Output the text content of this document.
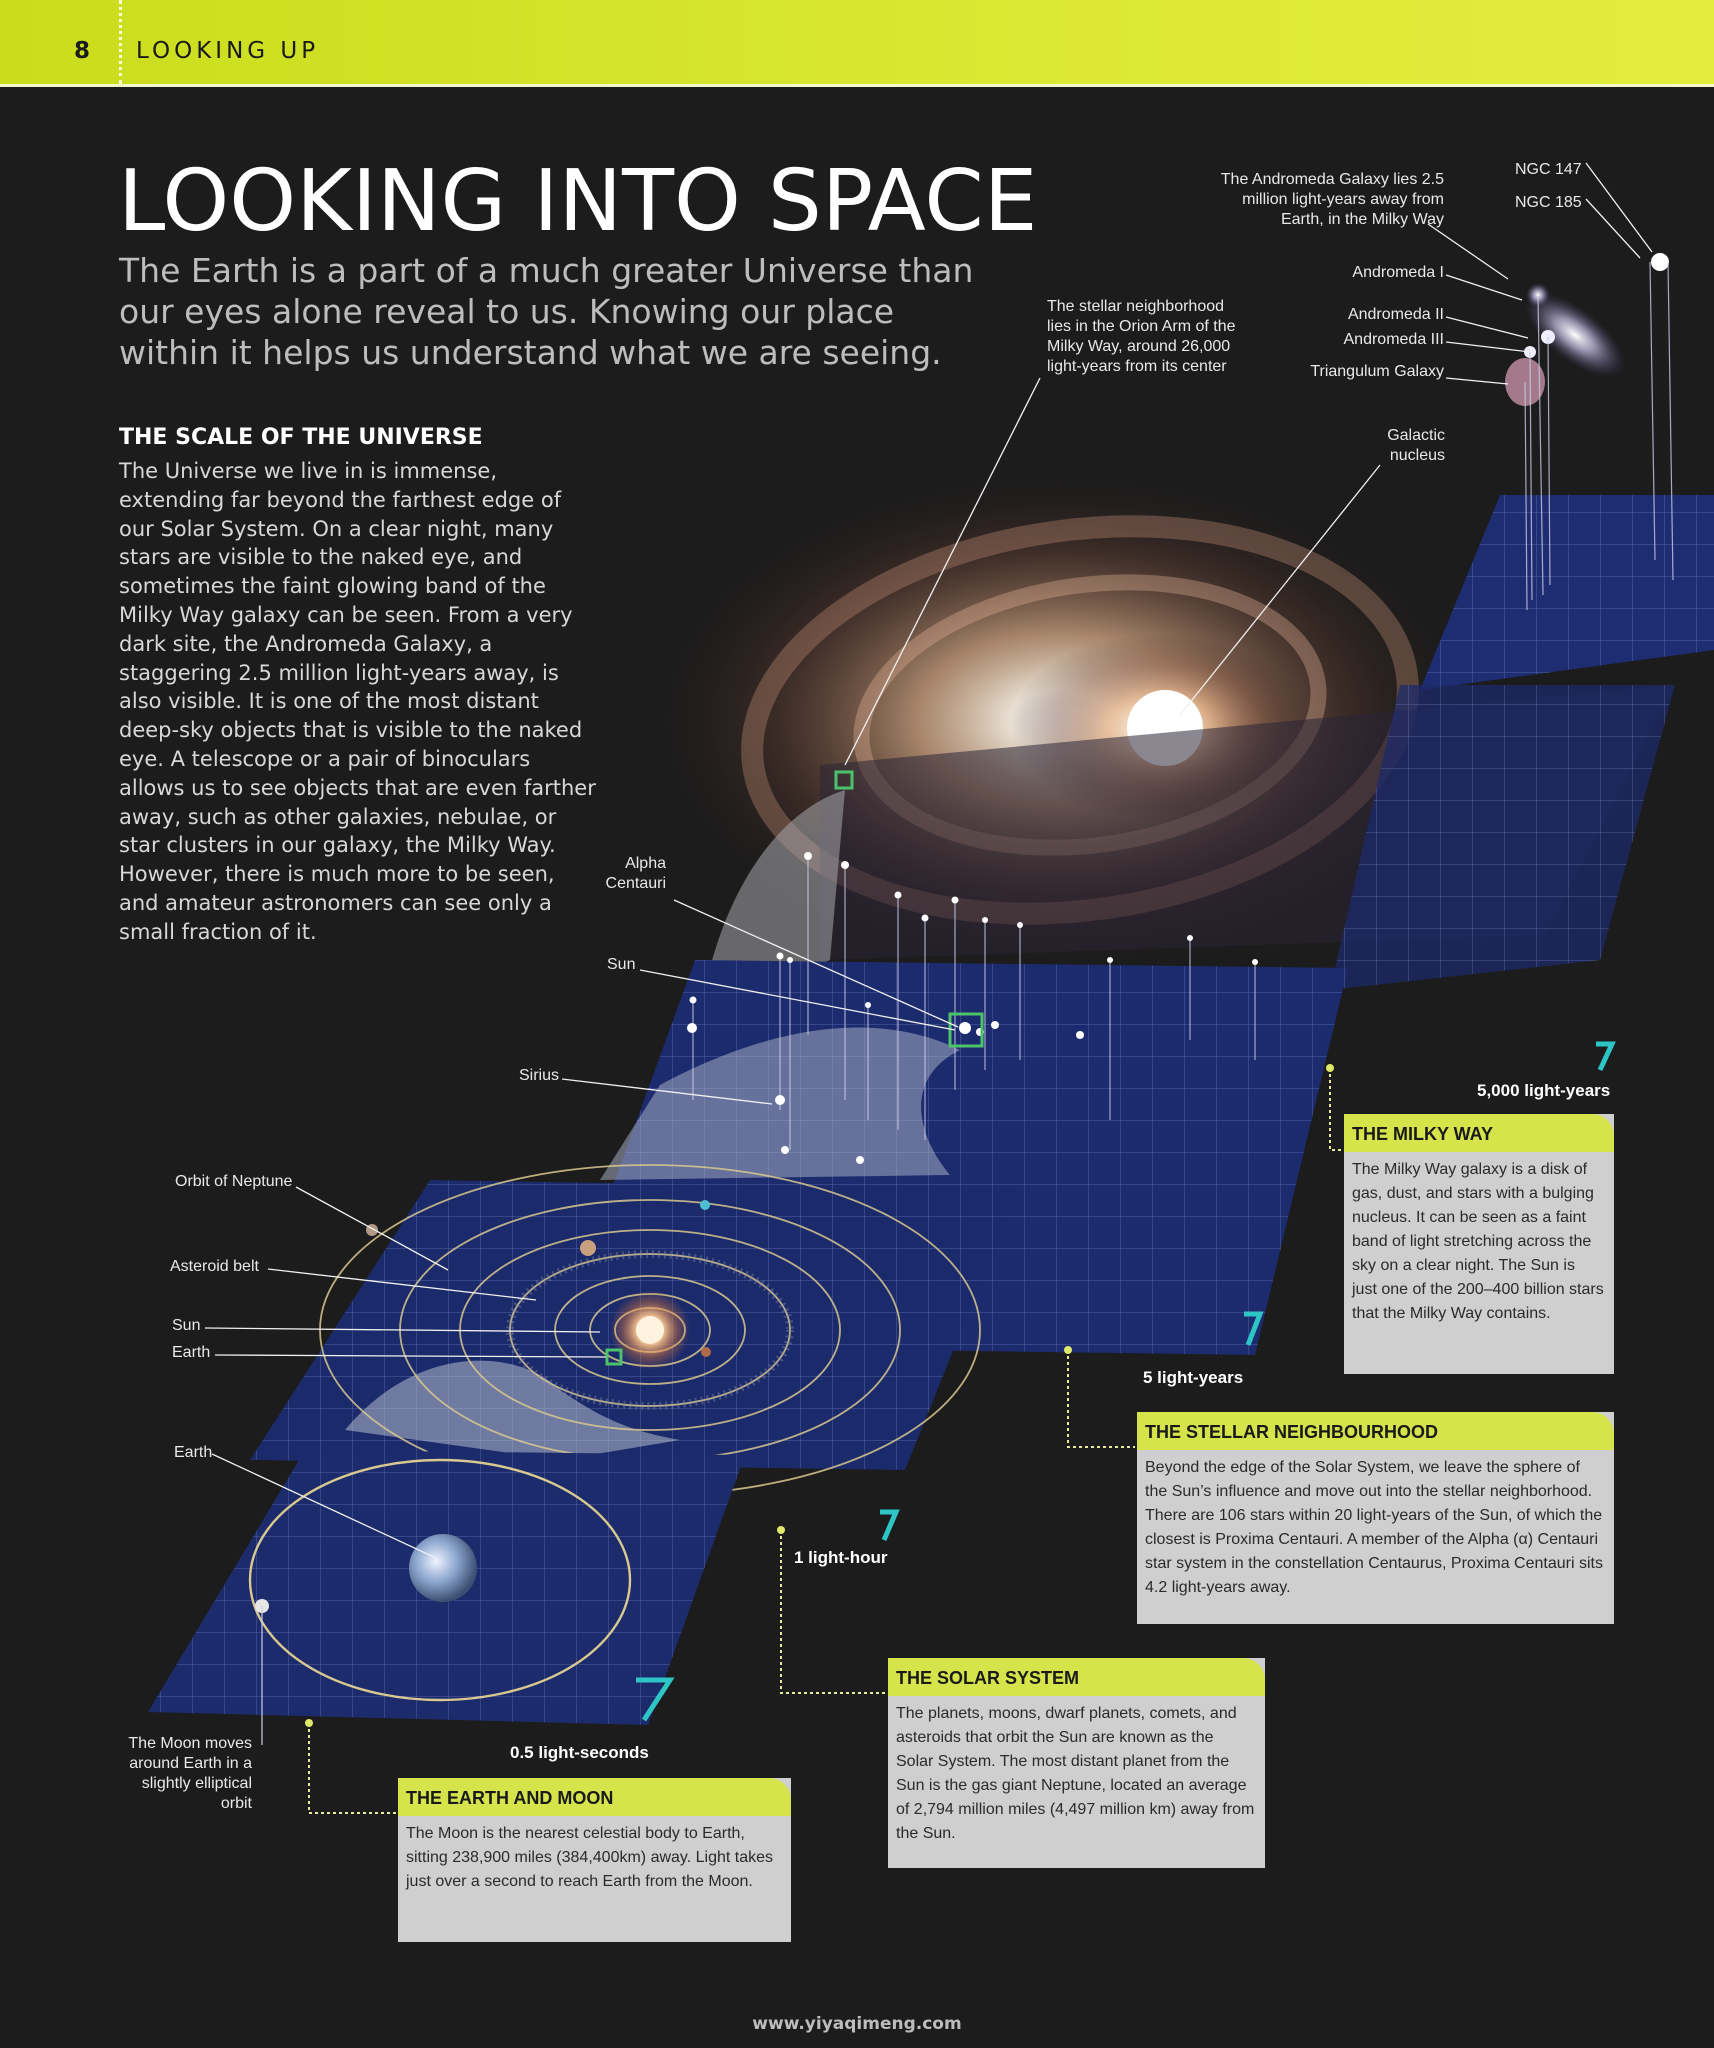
8 LOOKING UP
LOOKING INTO SPACE
The Earth is a part of a much greater Universe than our eyes alone reveal to us. Knowing our place within it helps us understand what we are seeing.
THE SCALE OF THE UNIVERSE
The Universe we live in is immense, extending far beyond the farthest edge of our Solar System. On a clear night, many stars are visible to the naked eye, and sometimes the faint glowing band of the Milky Way galaxy can be seen. From a very dark site, the Andromeda Galaxy, a staggering 2.5 million light-years away, is also visible. It is one of the most distant deep-sky objects that is visible to the naked eye. A telescope or a pair of binoculars allows us to see objects that are even farther away, such as other galaxies, nebulae, or star clusters in our galaxy, the Milky Way. However, there is much more to be seen, and amateur astronomers can see only a small fraction of it.
The Andromeda Galaxy lies 2.5 million light-years away from Earth, in the Milky Way
NGC 147
NGC 185
Andromeda I
Andromeda II
Andromeda III
Triangulum Galaxy
The stellar neighborhood lies in the Orion Arm of the Milky Way, around 26,000 light-years from its center
Galactic nucleus
Alpha Centauri
Sun
Sirius
Orbit of Neptune
Asteroid belt
Sun
Earth
Earth
The Moon moves around Earth in a slightly elliptical orbit
5,000 light-years
5 light-years
1 light-hour
0.5 light-seconds
THE MILKY WAY
The Milky Way galaxy is a disk of gas, dust, and stars with a bulging nucleus. It can be seen as a faint band of light stretching across the sky on a clear night. The Sun is just one of the 200–400 billion stars that the Milky Way contains.
THE STELLAR NEIGHBOURHOOD
Beyond the edge of the Solar System, we leave the sphere of the Sun’s influence and move out into the stellar neighborhood. There are 106 stars within 20 light-years of the Sun, of which the closest is Proxima Centauri. A member of the Alpha (α) Centauri star system in the constellation Centaurus, Proxima Centauri sits 4.2 light-years away.
THE SOLAR SYSTEM
The planets, moons, dwarf planets, comets, and asteroids that orbit the Sun are known as the Solar System. The most distant planet from the Sun is the gas giant Neptune, located an average of 2,794 million miles (4,497 million km) away from the Sun.
THE EARTH AND MOON
The Moon is the nearest celestial body to Earth, sitting 238,900 miles (384,400km) away. Light takes just over a second to reach Earth from the Moon.
www.yiyaqimeng.com
